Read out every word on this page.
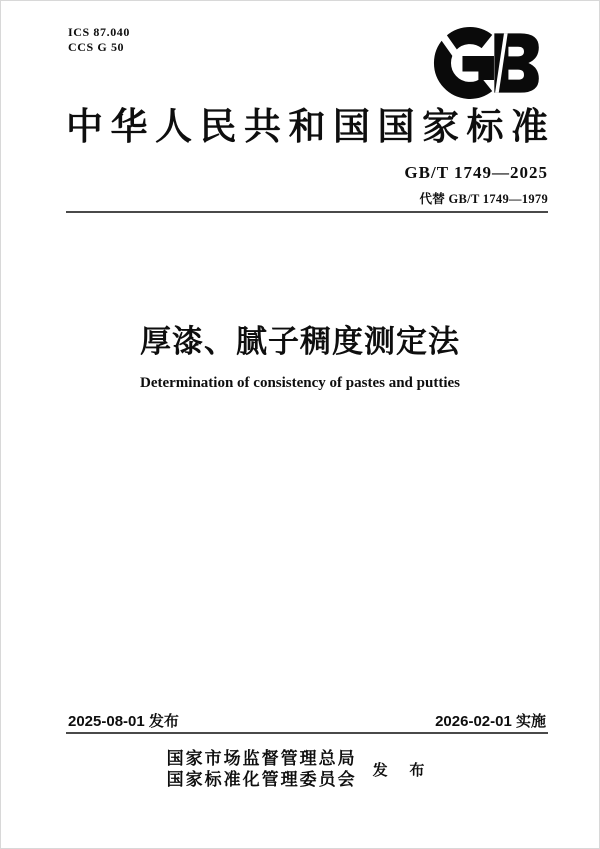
ICS 87.040
CCS G 50
中华人民共和国国家标准
GB/T 1749—2025
代替 GB/T 1749—1979
厚漆、腻子稠度测定法
Determination of consistency of pastes and putties
2025-08-01 发布	2026-02-01 实施
国家市场监督管理总局
国家标准化管理委员会 发 布
